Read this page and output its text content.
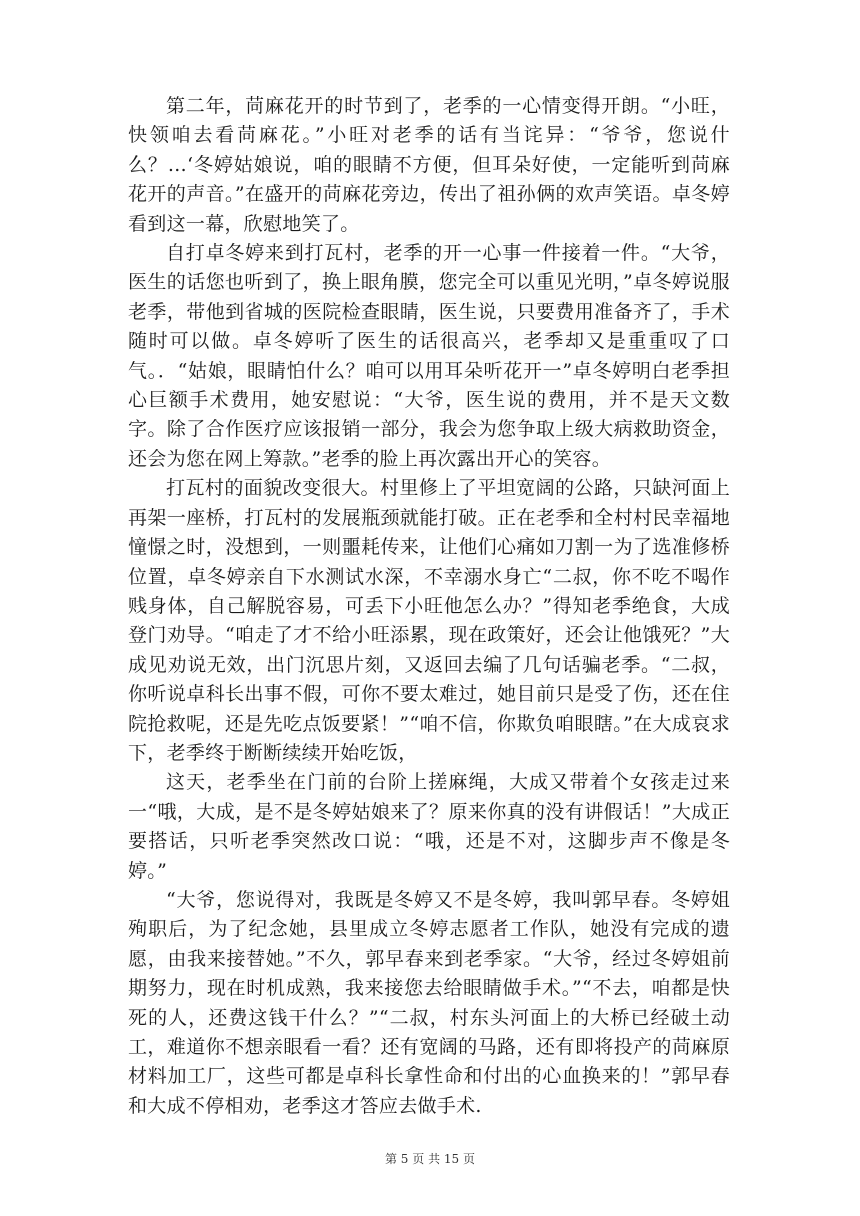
第二年，苘麻花开的时节到了，老季的一心情变得开朗。“小旺，快领咱去看苘麻花。”小旺对老季的话有当诧异：“爷爷，您说什么？…‘冬婷姑娘说，咱的眼睛不方便，但耳朵好使，一定能听到苘麻花开的声音。”在盛开的苘麻花旁边，传出了祖孙俩的欢声笑语。卓冬婷看到这一幕，欣慰地笑了。

自打卓冬婷来到打瓦村，老季的开一心事一件接着一件。“大爷，医生的话您也听到了，换上眼角膜，您完全可以重见光明，”卓冬婷说服老季，带他到省城的医院检查眼睛，医生说，只要费用准备齐了，手术随时可以做。卓冬婷听了医生的话很高兴，老季却又是重重叹了口气。．“姑娘，眼睛怕什么？咱可以用耳朵听花开一”卓冬婷明白老季担心巨额手术费用，她安慰说：“大爷，医生说的费用，并不是天文数字。除了合作医疗应该报销一部分，我会为您争取上级大病救助资金，还会为您在网上筹款。”老季的脸上再次露出开心的笑容。

打瓦村的面貌改变很大。村里修上了平坦宽阔的公路，只缺河面上再架一座桥，打瓦村的发展瓶颈就能打破。正在老季和全村村民幸福地憧憬之时，没想到，一则噩耗传来，让他们心痛如刀割一为了选准修桥位置，卓冬婷亲自下水测试水深，不幸溺水身亡“二叔，你不吃不喝作贱身体，自己解脱容易，可丢下小旺他怎么办？”得知老季绝食，大成登门劝导。“咱走了才不给小旺添累，现在政策好，还会让他饿死？”大成见劝说无效，出门沉思片刻，又返回去编了几句话骗老季。“二叔，你听说卓科长出事不假，可你不要太难过，她目前只是受了伤，还在住院抢救呢，还是先吃点饭要紧！”“咱不信，你欺负咱眼瞎。”在大成哀求下，老季终于断断续续开始吃饭，

这天，老季坐在门前的台阶上搓麻绳，大成又带着个女孩走过来一“哦，大成，是不是冬婷姑娘来了？原来你真的没有讲假话！”大成正要搭话，只听老季突然改口说：“哦，还是不对，这脚步声不像是冬婷。”

“大爷，您说得对，我既是冬婷又不是冬婷，我叫郭早春。冬婷姐殉职后，为了纪念她，县里成立冬婷志愿者工作队，她没有完成的遗愿，由我来接替她。”不久，郭早春来到老季家。“大爷，经过冬婷姐前期努力，现在时机成熟，我来接您去给眼睛做手术。”“不去，咱都是快死的人，还费这钱干什么？”“二叔，村东头河面上的大桥已经破土动工，难道你不想亲眼看一看？还有宽阔的马路，还有即将投产的苘麻原材料加工厂，这些可都是卓科长拿性命和付出的心血换来的！”郭早春和大成不停相劝，老季这才答应去做手术.

第 5 页 共 15 页
